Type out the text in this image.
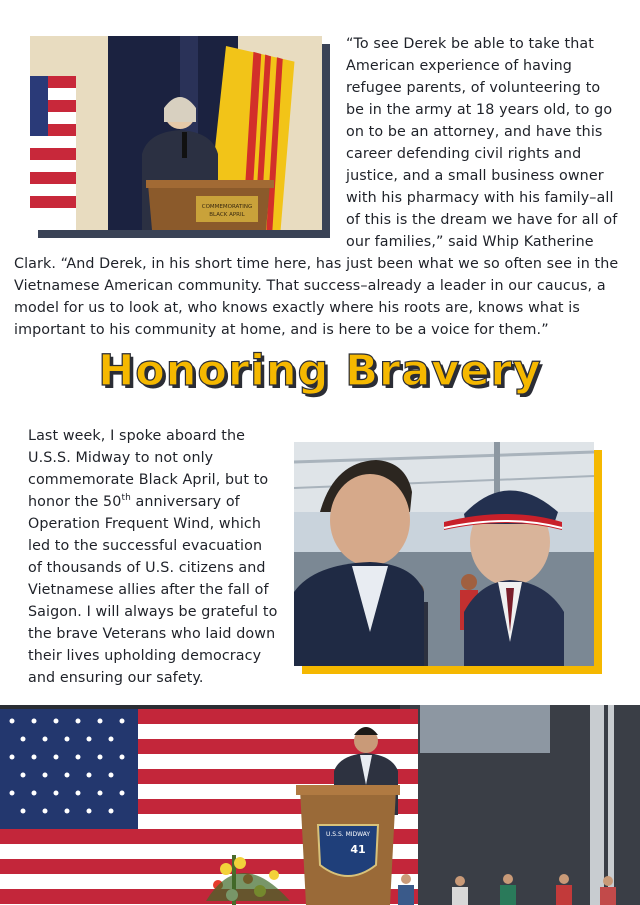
COMMEMORATING
BLACK APRIL

“To see Derek be able to take that

American experience of having

refugee parents, of volunteering to

be in the army at 18 years old, to go

on to be an attorney, and have this

career defending civil rights and

justice, and a small business owner

with his pharmacy with his family–all

of this is the dream we have for all of

our families,” said Whip Katherine

Clark. “And Derek, in his short time here, has just been what we so often see in the

Vietnamese American community. That success–already a leader in our caucus, a

model for us to look at, who knows exactly where his roots are, knows what is

important to his community at home, and is here to be a voice for them.”

Honoring Bravery

Last week, I spoke aboard the

U.S.S. Midway to not only

commemorate Black April, but to

honor the 50th anniversary of

Operation Frequent Wind, which

led to the successful evacuation

of thousands of U.S. citizens and

Vietnamese allies after the fall of

Saigon. I will always be grateful to

the brave Veterans who laid down

their lives upholding democracy

and ensuring our safety.

U.S.S. MIDWAY
41
